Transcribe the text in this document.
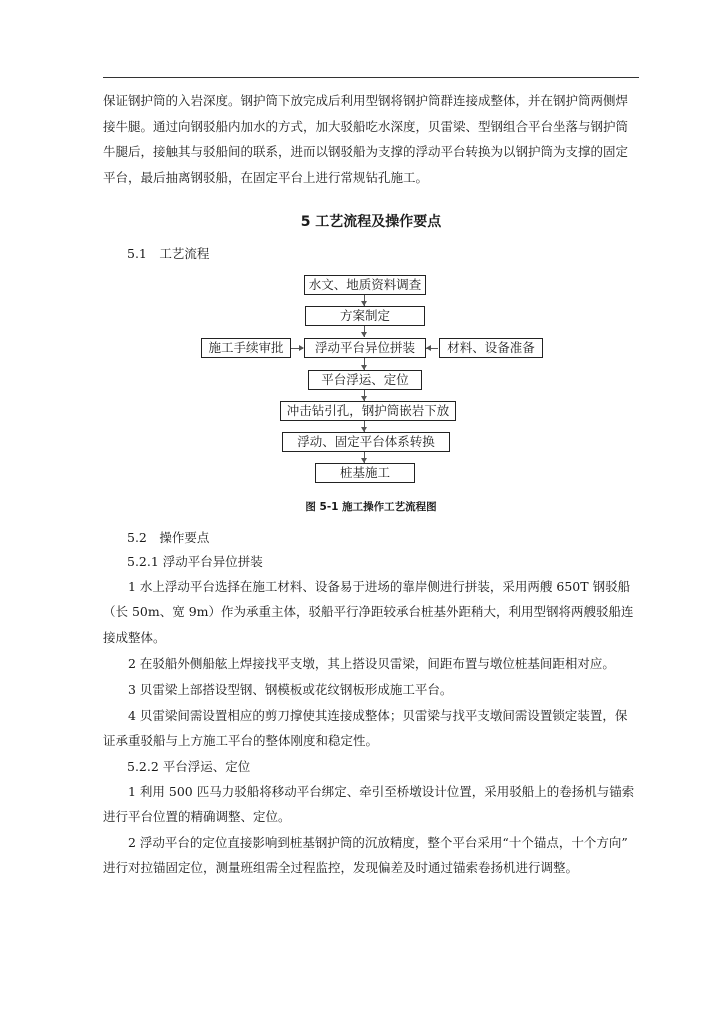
保证钢护筒的入岩深度。钢护筒下放完成后利用型钢将钢护筒群连接成整体，并在钢护筒两侧焊
接牛腿。通过向钢驳船内加水的方式，加大驳船吃水深度，贝雷梁、型钢组合平台坐落与钢护筒
牛腿后，接触其与驳船间的联系，进而以钢驳船为支撑的浮动平台转换为以钢护筒为支撑的固定
平台，最后抽离钢驳船，在固定平台上进行常规钻孔施工。
5 工艺流程及操作要点
5.1　工艺流程
水文、地质资料调查
方案制定
施工手续审批	浮动平台异位拼装	材料、设备准备
平台浮运、定位
冲击钻引孔，钢护筒嵌岩下放
浮动、固定平台体系转换
桩基施工
图 5-1 施工操作工艺流程图
5.2　操作要点
5.2.1 浮动平台异位拼装
1 水上浮动平台选择在施工材料、设备易于进场的靠岸侧进行拼装，采用两艘 650T 钢驳船
（长 50m、宽 9m）作为承重主体，驳船平行净距较承台桩基外距稍大，利用型钢将两艘驳船连
接成整体。
2 在驳船外侧船舷上焊接找平支墩，其上搭设贝雷梁，间距布置与墩位桩基间距相对应。
3 贝雷梁上部搭设型钢、钢模板或花纹钢板形成施工平台。
4 贝雷梁间需设置相应的剪刀撑使其连接成整体；贝雷梁与找平支墩间需设置锁定装置，保
证承重驳船与上方施工平台的整体刚度和稳定性。
5.2.2 平台浮运、定位
1 利用 500 匹马力驳船将移动平台绑定、牵引至桥墩设计位置，采用驳船上的卷扬机与锚索
进行平台位置的精确调整、定位。
2 浮动平台的定位直接影响到桩基钢护筒的沉放精度，整个平台采用“十个锚点，十个方向”
进行对拉锚固定位，测量班组需全过程监控，发现偏差及时通过锚索卷扬机进行调整。
